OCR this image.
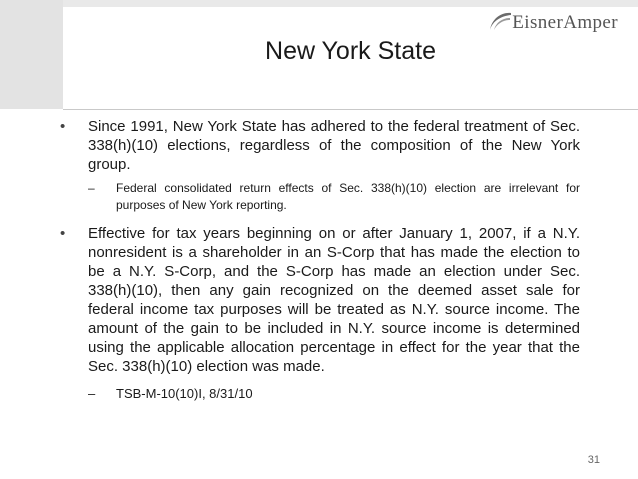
EisnerAmper
New York State
•	Since 1991, New York State has adhered to the federal treatment of Sec. 338(h)(10) elections, regardless of the composition of the New York group.
– Federal consolidated return effects of Sec. 338(h)(10) election are irrelevant for purposes of New York reporting.
•	Effective for tax years beginning on or after January 1, 2007, if a N.Y. nonresident is a shareholder in an S-Corp that has made the election to be a N.Y. S-Corp, and the S-Corp has made an election under Sec. 338(h)(10), then any gain recognized on the deemed asset sale for federal income tax purposes will be treated as N.Y. source income. The amount of the gain to be included in N.Y. source income is determined using the applicable allocation percentage in effect for the year that the Sec. 338(h)(10) election was made.
– TSB-M-10(10)I, 8/31/10
31
